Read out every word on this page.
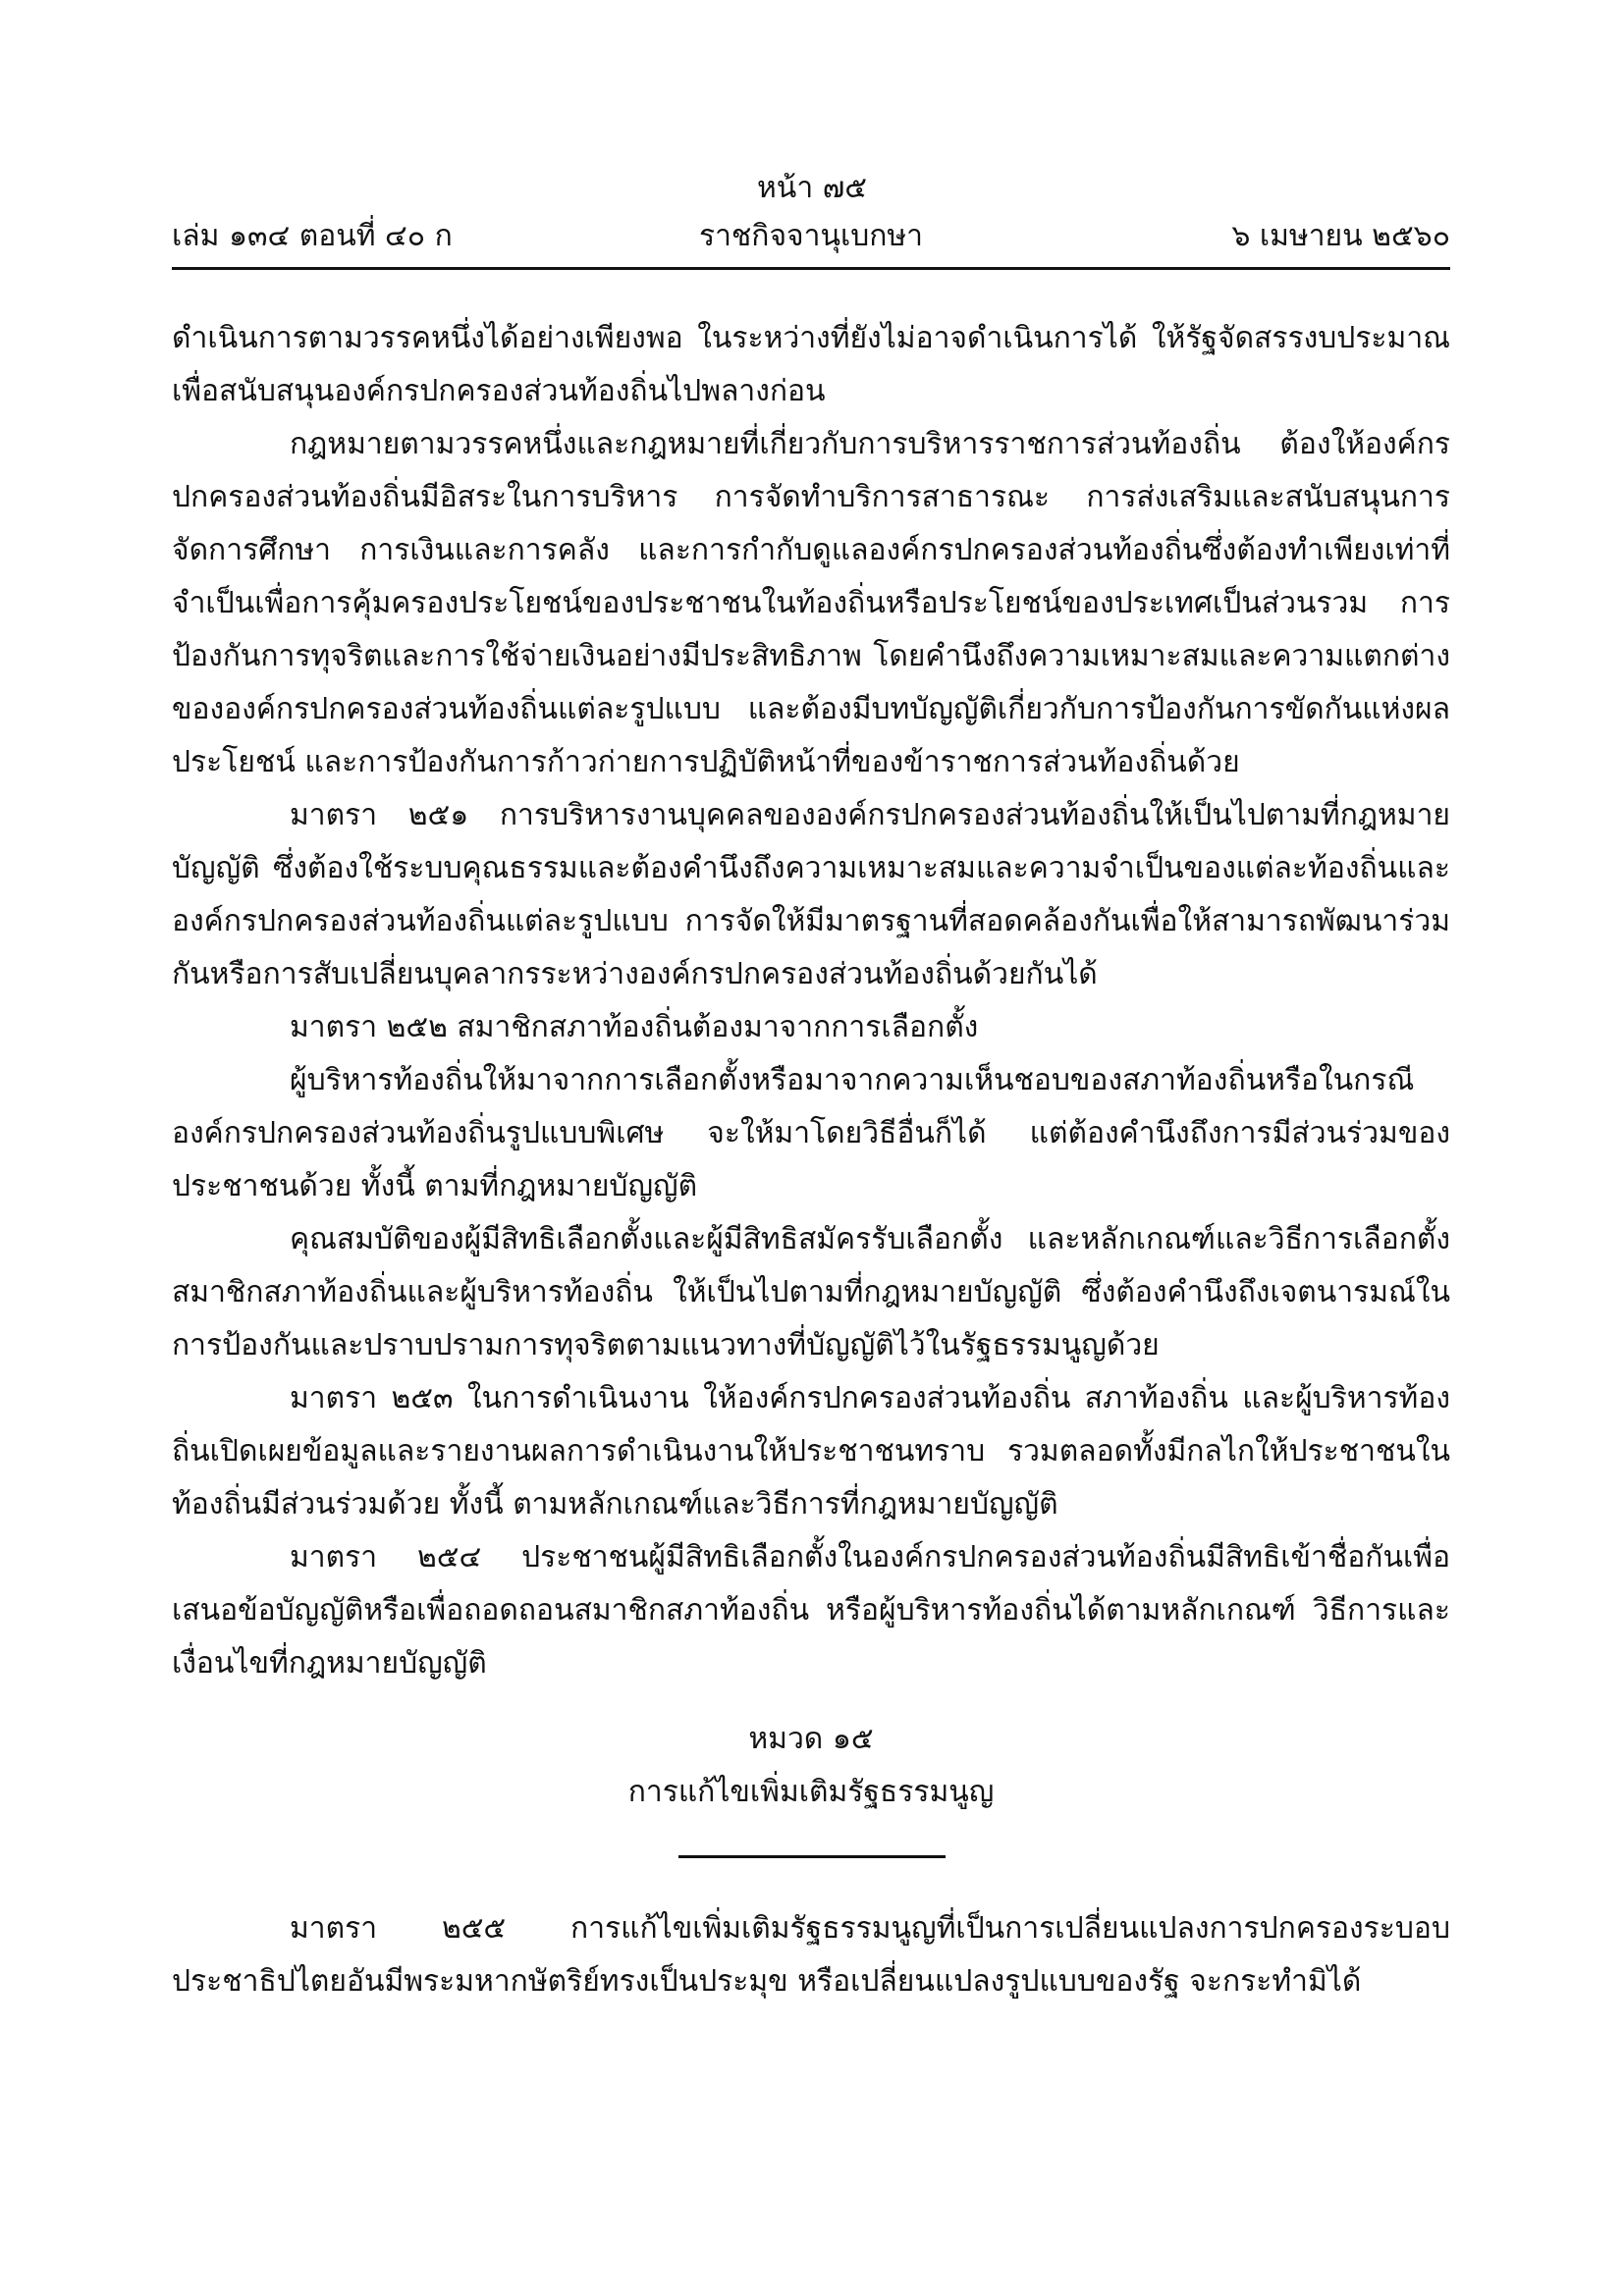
หน้า ๗๕
เล่ม ๑๓๔ ตอนที่ ๔๐ ก	ราชกิจจานุเบกษา	๖ เมษายน ๒๕๖๐

ดำเนินการตามวรรคหนึ่งได้อย่างเพียงพอ ในระหว่างที่ยังไม่อาจดำเนินการได้ ให้รัฐจัดสรรงบประมาณเพื่อสนับสนุนองค์กรปกครองส่วนท้องถิ่นไปพลางก่อน

กฎหมายตามวรรคหนึ่งและกฎหมายที่เกี่ยวกับการบริหารราชการส่วนท้องถิ่น ต้องให้องค์กรปกครองส่วนท้องถิ่นมีอิสระในการบริหาร การจัดทำบริการสาธารณะ การส่งเสริมและสนับสนุนการจัดการศึกษา การเงินและการคลัง และการกำกับดูแลองค์กรปกครองส่วนท้องถิ่นซึ่งต้องทำเพียงเท่าที่จำเป็นเพื่อการคุ้มครองประโยชน์ของประชาชนในท้องถิ่นหรือประโยชน์ของประเทศเป็นส่วนรวม การป้องกันการทุจริตและการใช้จ่ายเงินอย่างมีประสิทธิภาพ โดยคำนึงถึงความเหมาะสมและความแตกต่างขององค์กรปกครองส่วนท้องถิ่นแต่ละรูปแบบ และต้องมีบทบัญญัติเกี่ยวกับการป้องกันการขัดกันแห่งผลประโยชน์ และการป้องกันการก้าวก่ายการปฏิบัติหน้าที่ของข้าราชการส่วนท้องถิ่นด้วย

มาตรา ๒๕๑ การบริหารงานบุคคลขององค์กรปกครองส่วนท้องถิ่นให้เป็นไปตามที่กฎหมายบัญญัติ ซึ่งต้องใช้ระบบคุณธรรมและต้องคำนึงถึงความเหมาะสมและความจำเป็นของแต่ละท้องถิ่นและองค์กรปกครองส่วนท้องถิ่นแต่ละรูปแบบ การจัดให้มีมาตรฐานที่สอดคล้องกันเพื่อให้สามารถพัฒนาร่วมกันหรือการสับเปลี่ยนบุคลากรระหว่างองค์กรปกครองส่วนท้องถิ่นด้วยกันได้

มาตรา ๒๕๒ สมาชิกสภาท้องถิ่นต้องมาจากการเลือกตั้ง

ผู้บริหารท้องถิ่นให้มาจากการเลือกตั้งหรือมาจากความเห็นชอบของสภาท้องถิ่นหรือในกรณีองค์กรปกครองส่วนท้องถิ่นรูปแบบพิเศษ จะให้มาโดยวิธีอื่นก็ได้ แต่ต้องคำนึงถึงการมีส่วนร่วมของประชาชนด้วย ทั้งนี้ ตามที่กฎหมายบัญญัติ

คุณสมบัติของผู้มีสิทธิเลือกตั้งและผู้มีสิทธิสมัครรับเลือกตั้ง และหลักเกณฑ์และวิธีการเลือกตั้งสมาชิกสภาท้องถิ่นและผู้บริหารท้องถิ่น ให้เป็นไปตามที่กฎหมายบัญญัติ ซึ่งต้องคำนึงถึงเจตนารมณ์ในการป้องกันและปราบปรามการทุจริตตามแนวทางที่บัญญัติไว้ในรัฐธรรมนูญด้วย

มาตรา ๒๕๓ ในการดำเนินงาน ให้องค์กรปกครองส่วนท้องถิ่น สภาท้องถิ่น และผู้บริหารท้องถิ่นเปิดเผยข้อมูลและรายงานผลการดำเนินงานให้ประชาชนทราบ รวมตลอดทั้งมีกลไกให้ประชาชนในท้องถิ่นมีส่วนร่วมด้วย ทั้งนี้ ตามหลักเกณฑ์และวิธีการที่กฎหมายบัญญัติ

มาตรา ๒๕๔ ประชาชนผู้มีสิทธิเลือกตั้งในองค์กรปกครองส่วนท้องถิ่นมีสิทธิเข้าชื่อกันเพื่อเสนอข้อบัญญัติหรือเพื่อถอดถอนสมาชิกสภาท้องถิ่น หรือผู้บริหารท้องถิ่นได้ตามหลักเกณฑ์ วิธีการและเงื่อนไขที่กฎหมายบัญญัติ

หมวด ๑๕
การแก้ไขเพิ่มเติมรัฐธรรมนูญ

มาตรา ๒๕๕ การแก้ไขเพิ่มเติมรัฐธรรมนูญที่เป็นการเปลี่ยนแปลงการปกครองระบอบประชาธิปไตยอันมีพระมหากษัตริย์ทรงเป็นประมุข หรือเปลี่ยนแปลงรูปแบบของรัฐ จะกระทำมิได้
